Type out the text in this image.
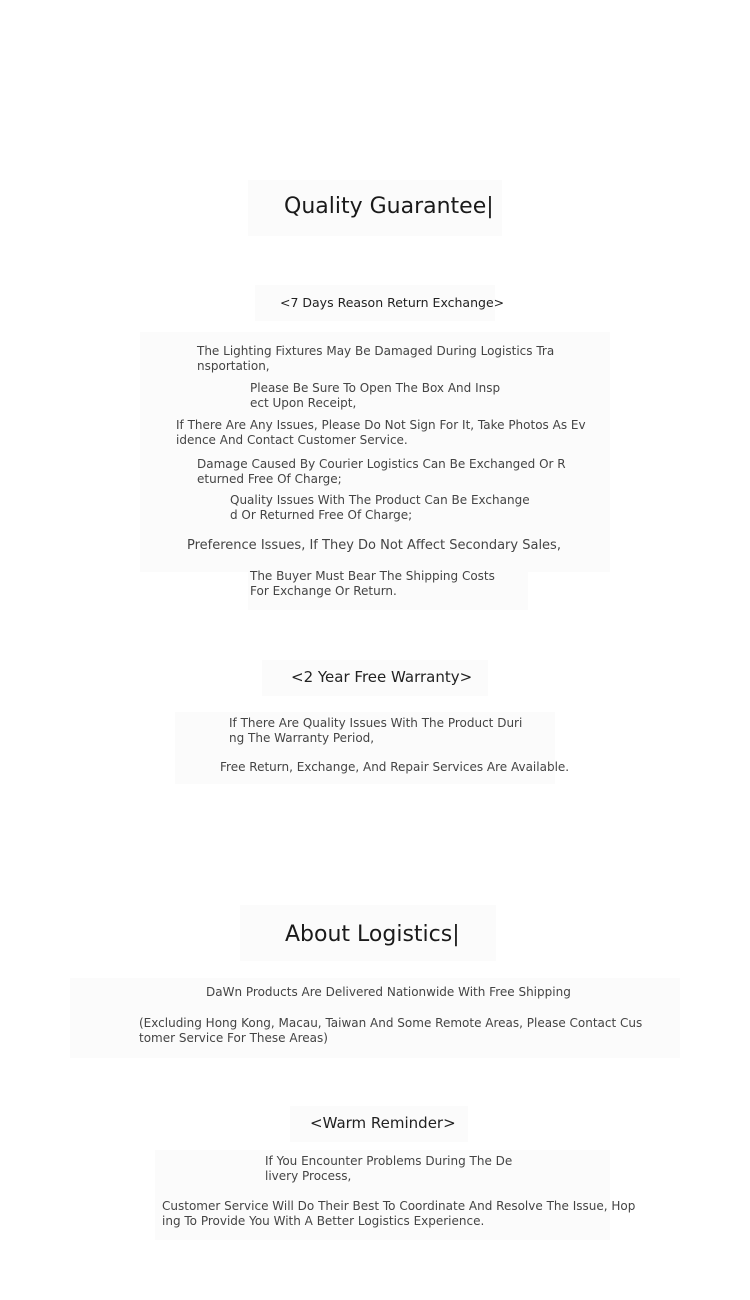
Quality Guarantee|
<7 Days Reason Return Exchange>
The Lighting Fixtures May Be Damaged During Logistics Tra
nsportation,
Please Be Sure To Open The Box And Insp
ect Upon Receipt,
If There Are Any Issues, Please Do Not Sign For It, Take Photos As Ev
idence And Contact Customer Service.
Damage Caused By Courier Logistics Can Be Exchanged Or R
eturned Free Of Charge;
Quality Issues With The Product Can Be Exchange
d Or Returned Free Of Charge;
Preference Issues, If They Do Not Affect Secondary Sales,
The Buyer Must Bear The Shipping Costs
For Exchange Or Return.
<2 Year Free Warranty>
If There Are Quality Issues With The Product Duri
ng The Warranty Period,
Free Return, Exchange, And Repair Services Are Available.
About Logistics|
DaWn Products Are Delivered Nationwide With Free Shipping
(Excluding Hong Kong, Macau, Taiwan And Some Remote Areas, Please Contact Cus
tomer Service For These Areas)
<Warm Reminder>
If You Encounter Problems During The De
livery Process,
Customer Service Will Do Their Best To Coordinate And Resolve The Issue, Hop
ing To Provide You With A Better Logistics Experience.
